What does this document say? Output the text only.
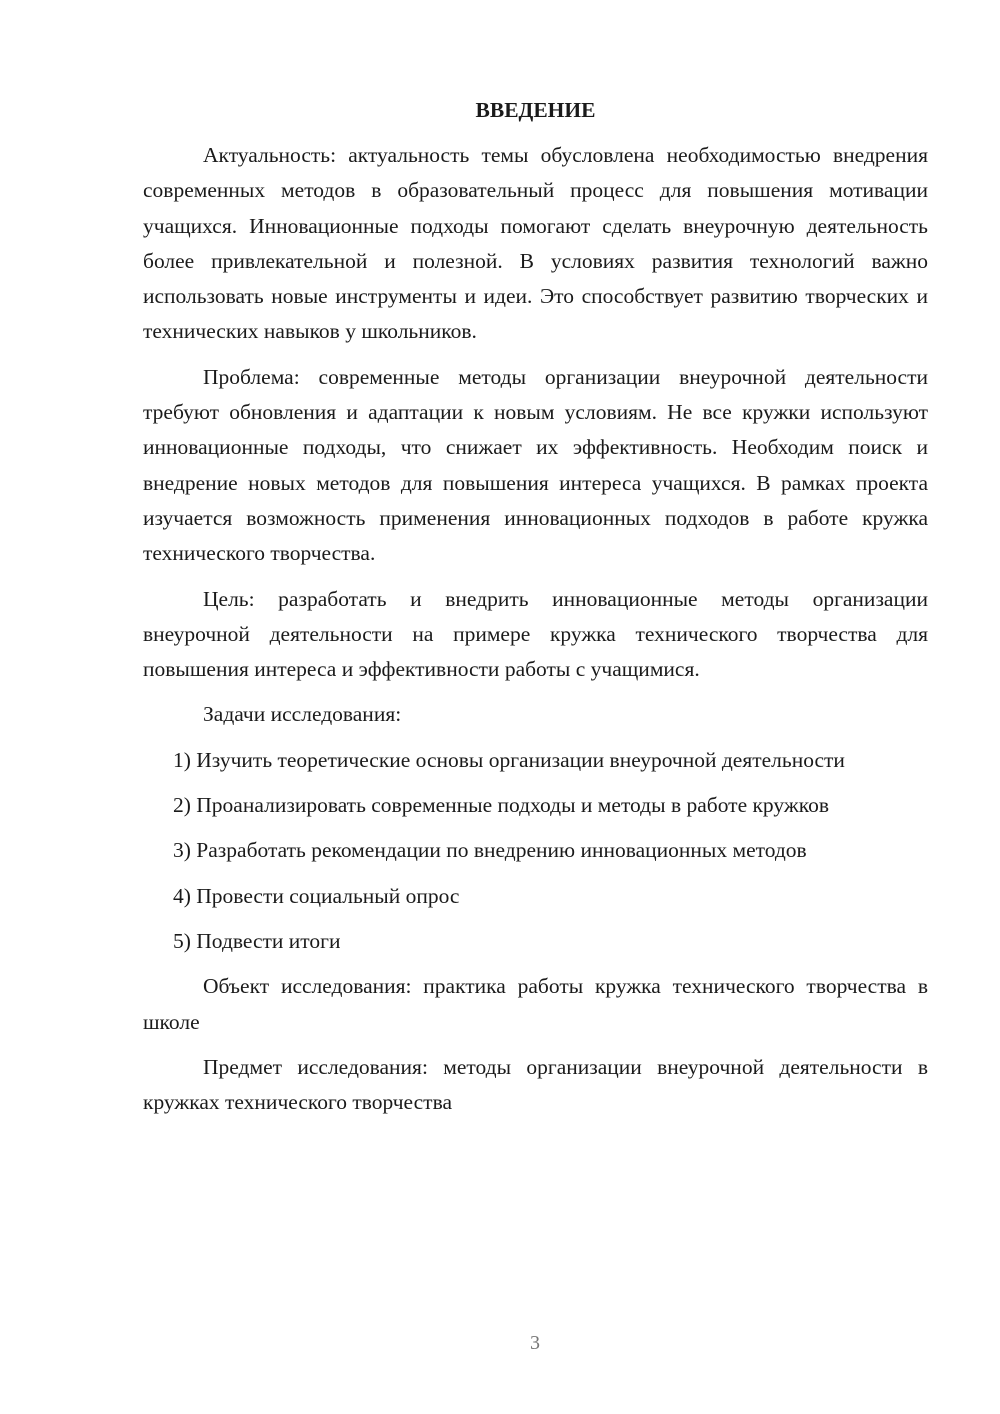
ВВЕДЕНИЕ

Актуальность: актуальность темы обусловлена необходимостью внедрения современных методов в образовательный процесс для повышения мотивации учащихся. Инновационные подходы помогают сделать внеурочную деятельность более привлекательной и полезной. В условиях развития технологий важно использовать новые инструменты и идеи. Это способствует развитию творческих и технических навыков у школьников.

Проблема: современные методы организации внеурочной деятельности требуют обновления и адаптации к новым условиям. Не все кружки используют инновационные подходы, что снижает их эффективность. Необходим поиск и внедрение новых методов для повышения интереса учащихся. В рамках проекта изучается возможность применения инновационных подходов в работе кружка технического творчества.

Цель: разработать и внедрить инновационные методы организации внеурочной деятельности на примере кружка технического творчества для повышения интереса и эффективности работы с учащимися.

Задачи исследования:

1) Изучить теоретические основы организации внеурочной деятельности

2) Проанализировать современные подходы и методы в работе кружков

3) Разработать рекомендации по внедрению инновационных методов

4) Провести социальный опрос

5) Подвести итоги

Объект исследования: практика работы кружка технического творчества в школе

Предмет исследования: методы организации внеурочной деятельности в кружках технического творчества

3
